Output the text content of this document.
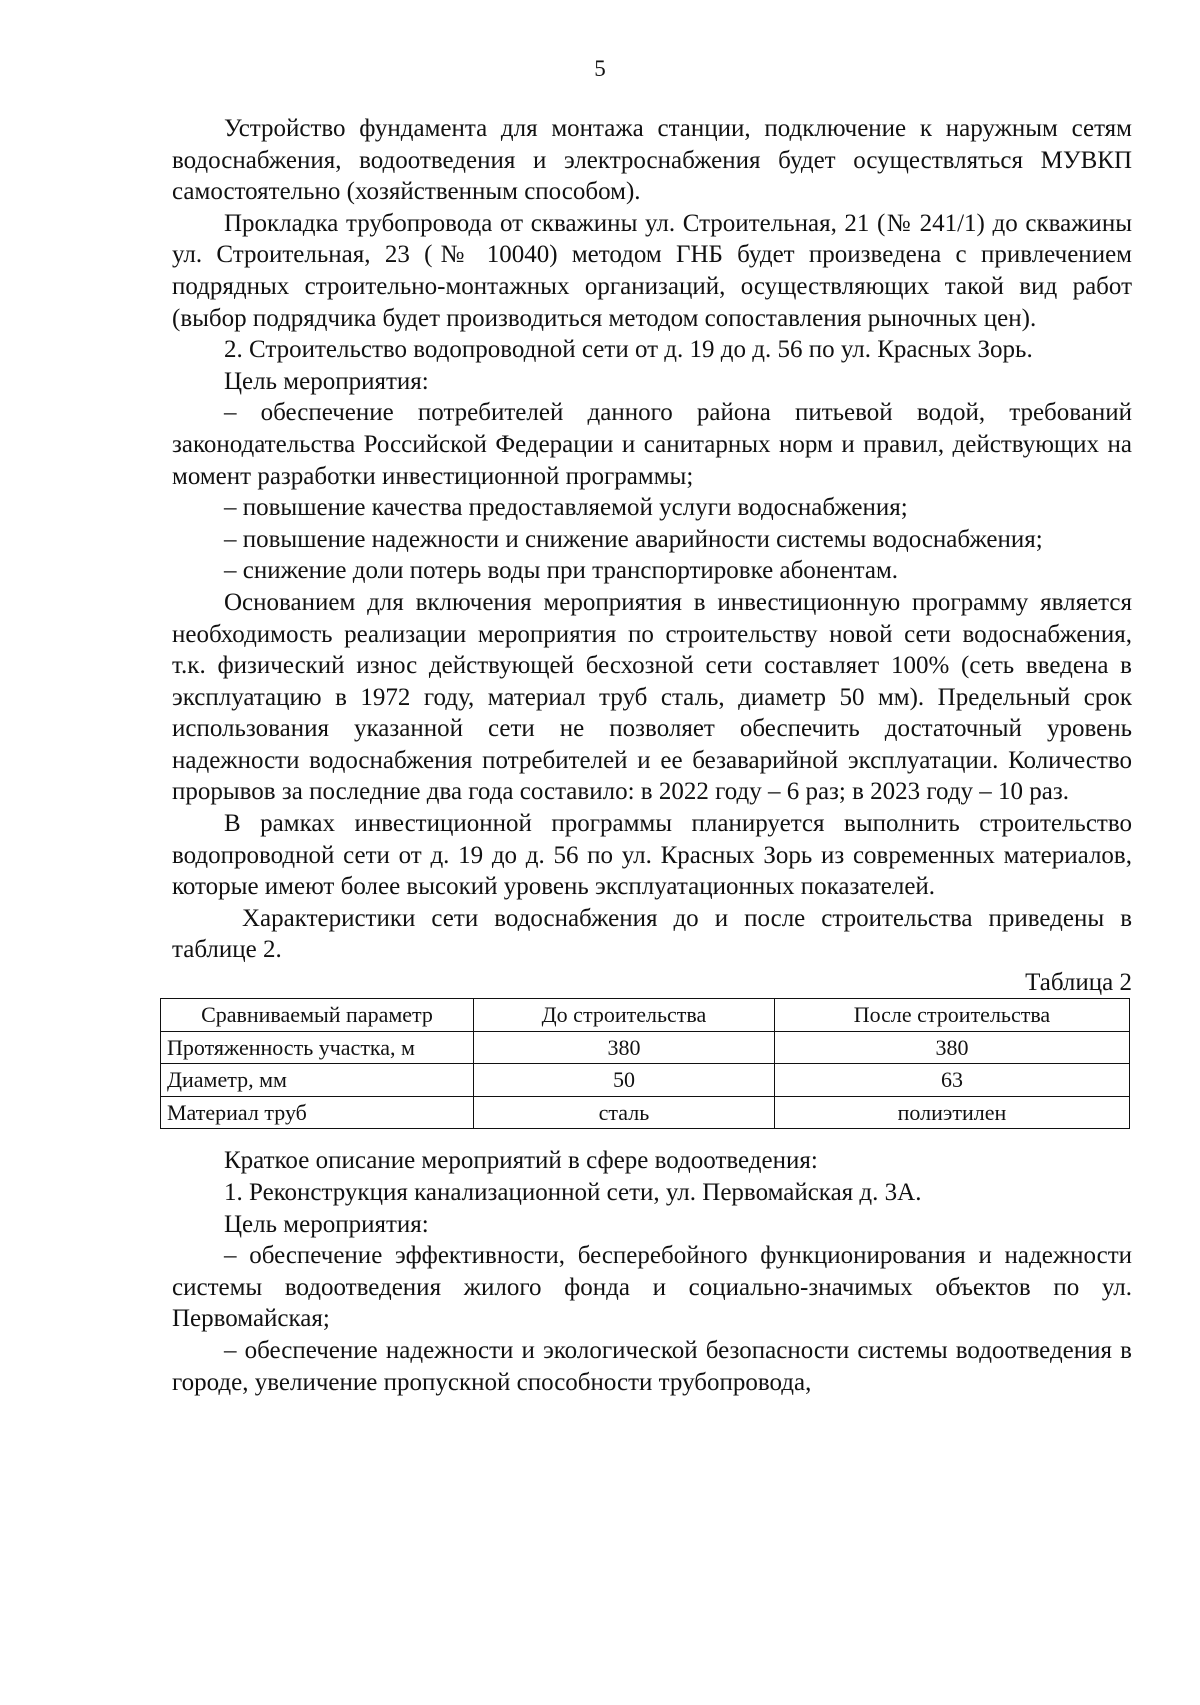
5

Устройство фундамента для монтажа станции, подключение к наружным сетям водоснабжения, водоотведения и электроснабжения будет осуществляться МУВКП самостоятельно (хозяйственным способом).

Прокладка трубопровода от скважины ул. Строительная, 21 (№ 241/1) до скважины ул. Строительная, 23 (№ 10040) методом ГНБ будет произведена с привлечением подрядных строительно-монтажных организаций, осуществляющих такой вид работ (выбор подрядчика будет производиться методом сопоставления рыночных цен).

2. Строительство водопроводной сети от д. 19 до д. 56 по ул. Красных Зорь.

Цель мероприятия:

– обеспечение потребителей данного района питьевой водой, требований законодательства Российской Федерации и санитарных норм и правил, действующих на момент разработки инвестиционной программы;

– повышение качества предоставляемой услуги водоснабжения;

– повышение надежности и снижение аварийности системы водоснабжения;

– снижение доли потерь воды при транспортировке абонентам.

Основанием для включения мероприятия в инвестиционную программу является необходимость реализации мероприятия по строительству новой сети водоснабжения, т.к. физический износ действующей бесхозной сети составляет 100% (сеть введена в эксплуатацию в 1972 году, материал труб сталь, диаметр 50 мм). Предельный срок использования указанной сети не позволяет обеспечить достаточный уровень надежности водоснабжения потребителей и ее безаварийной эксплуатации. Количество прорывов за последние два года составило: в 2022 году – 6 раз; в 2023 году – 10 раз.

В рамках инвестиционной программы планируется выполнить строительство водопроводной сети от д. 19 до д. 56 по ул. Красных Зорь из современных материалов, которые имеют более высокий уровень эксплуатационных показателей.

Характеристики сети водоснабжения до и после строительства приведены в таблице 2.

Таблица 2
Сравниваемый параметр	До строительства	После строительства
Протяженность участка, м	380	380
Диаметр, мм	50	63
Материал труб	сталь	полиэтилен

Краткое описание мероприятий в сфере водоотведения:

1. Реконструкция канализационной сети, ул. Первомайская д. 3А.

Цель мероприятия:

– обеспечение эффективности, бесперебойного функционирования и надежности системы водоотведения жилого фонда и социально-значимых объектов по ул. Первомайская;

– обеспечение надежности и экологической безопасности системы водоотведения в городе, увеличение пропускной способности трубопровода,
